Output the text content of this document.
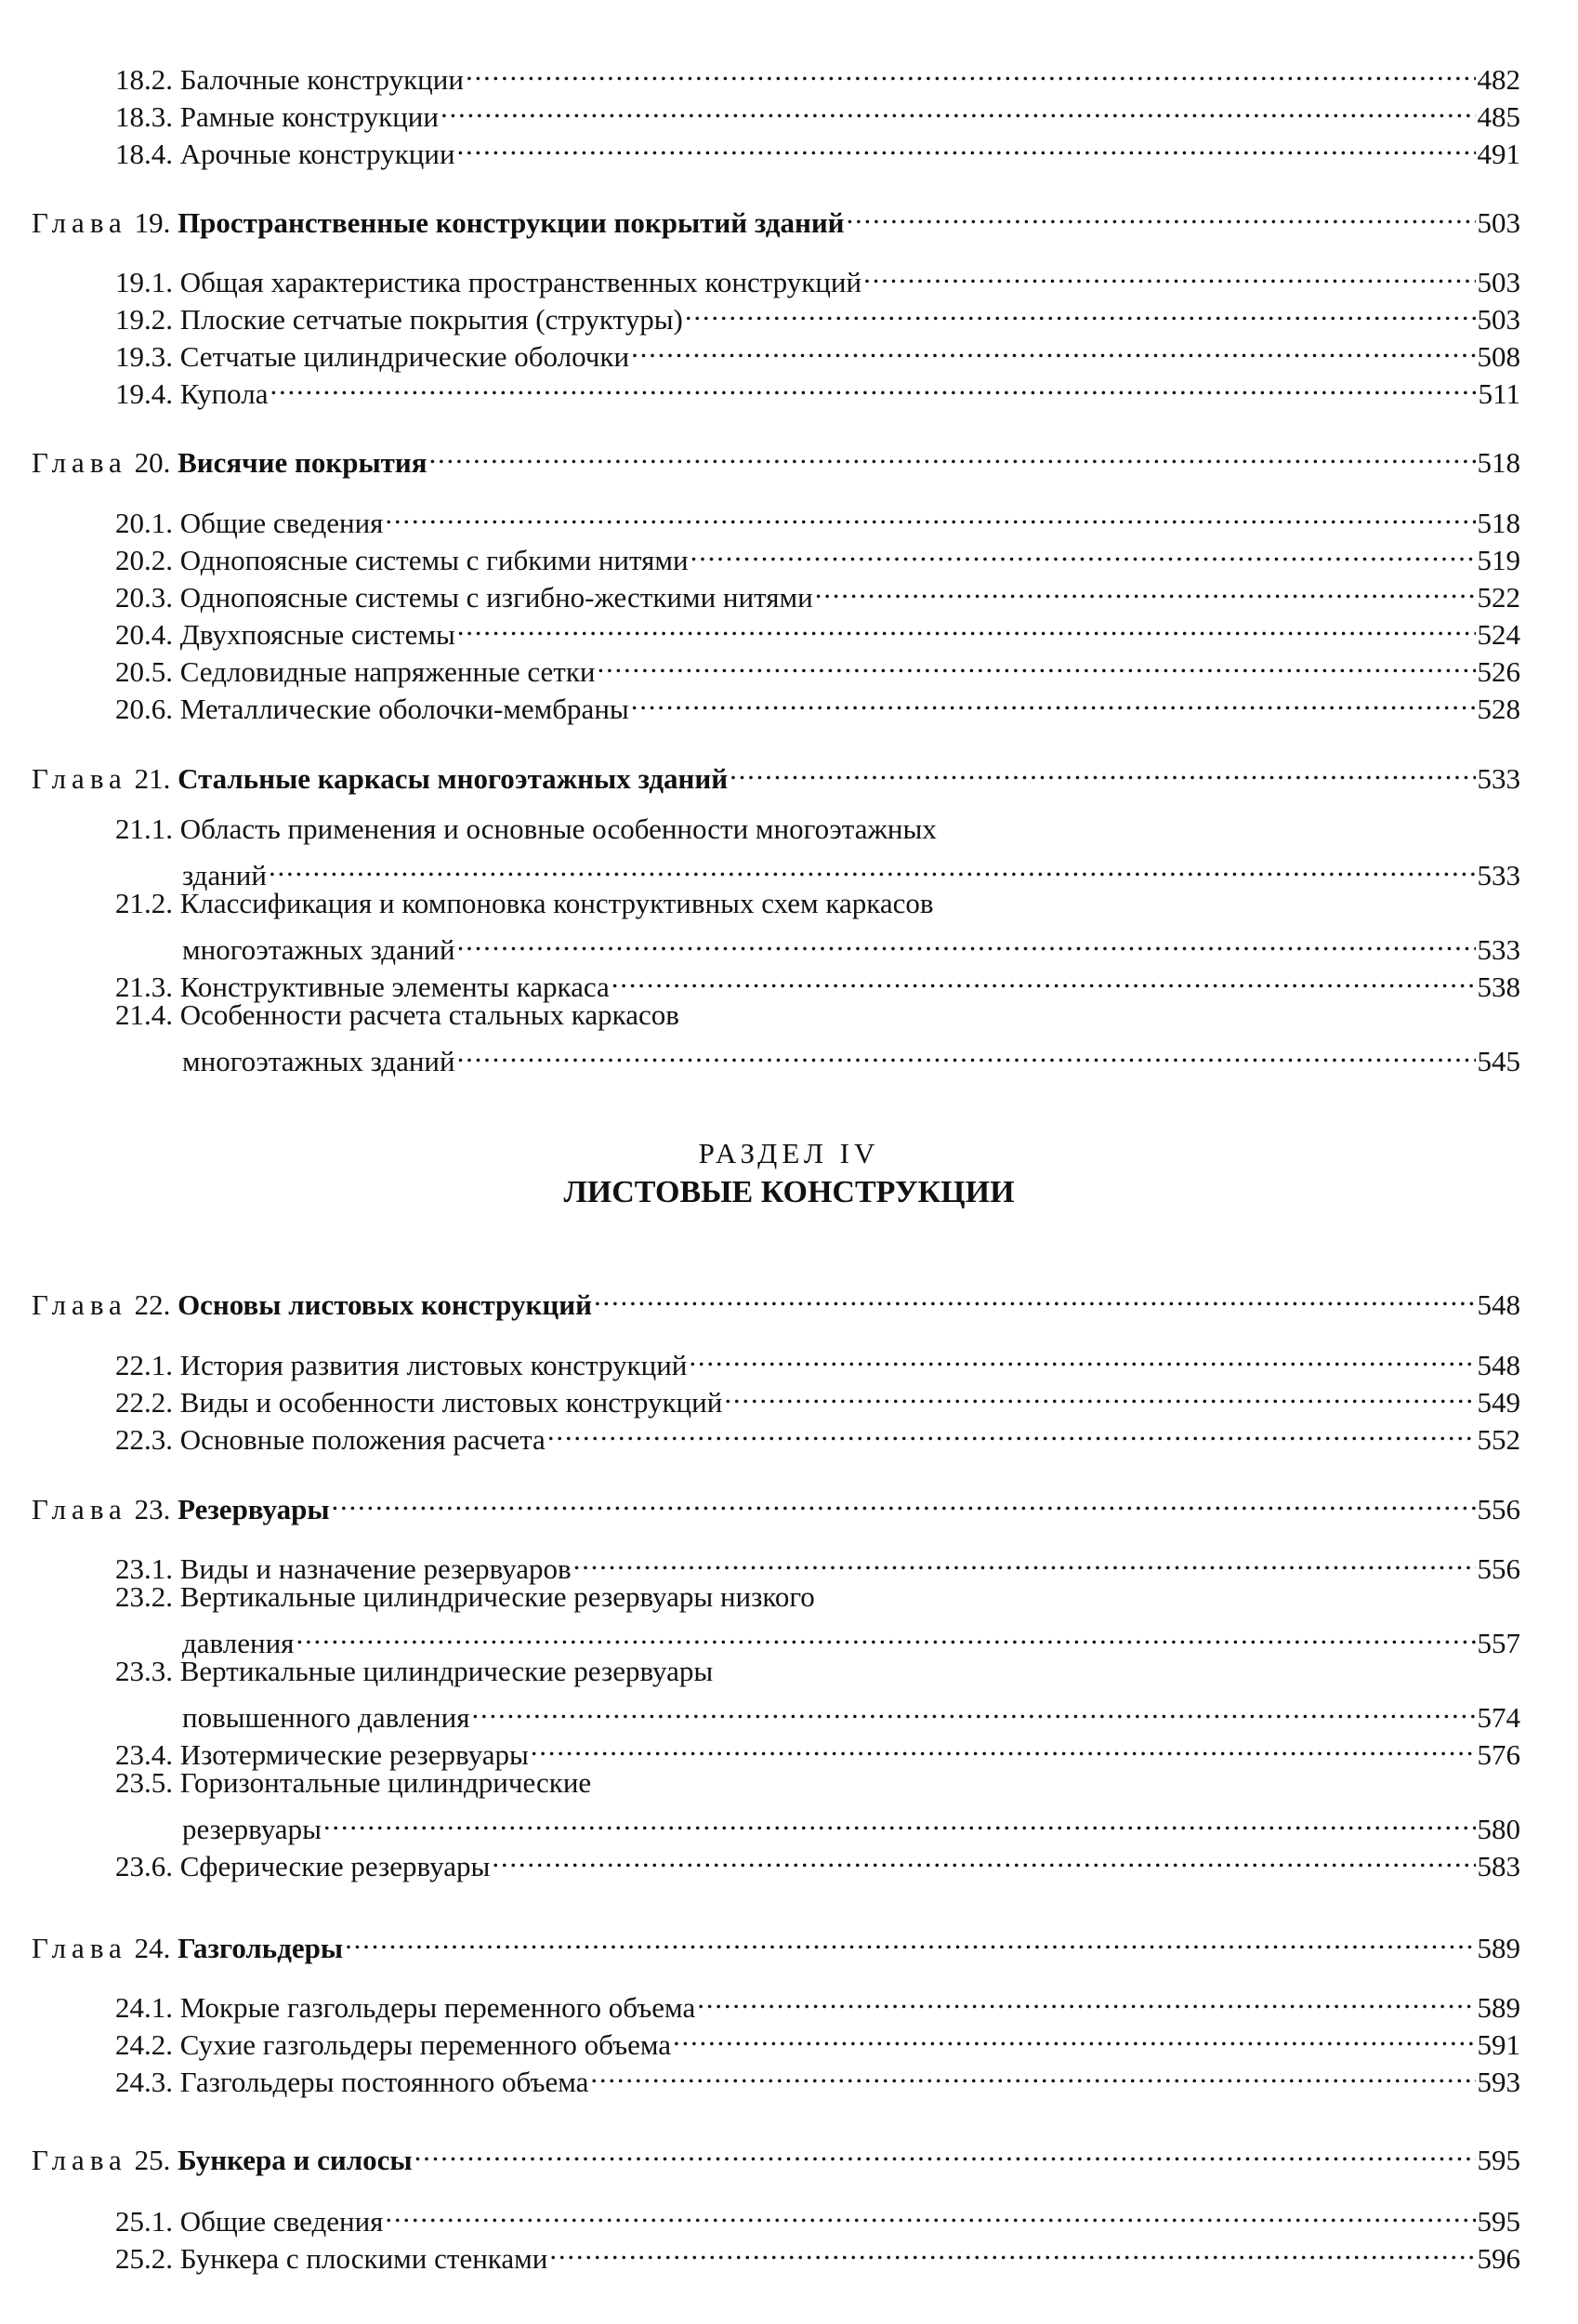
18.2. Балочные конструкции . . .	482
18.3. Рамные конструкции . . .	485
18.4. Арочные конструкции . . .	491
Глава 19. Пространственные конструкции покрытий зданий . . .	503
19.1. Общая характеристика пространственных конструкций . . .	503
19.2. Плоские сетчатые покрытия (структуры) . . .	503
19.3. Сетчатые цилиндрические оболочки . . .	508
19.4. Купола . . .	511
Глава 20. Висячие покрытия . . .	518
20.1. Общие сведения . . .	518
20.2. Однопоясные системы с гибкими нитями . . .	519
20.3. Однопоясные системы с изгибно-жесткими нитями . . .	522
20.4. Двухпоясные системы . . .	524
20.5. Седловидные напряженные сетки . . .	526
20.6. Металлические оболочки-мембраны . . .	528
Глава 21. Стальные каркасы многоэтажных зданий . . .	533
21.1. Область применения и основные особенности многоэтажных
зданий . . .	533
21.2. Классификация и компоновка конструктивных схем каркасов
многоэтажных зданий . . .	533
21.3. Конструктивные элементы каркаса . . .	538
21.4. Особенности расчета стальных каркасов
многоэтажных зданий . . .	545
РАЗДЕЛ IV
ЛИСТОВЫЕ КОНСТРУКЦИИ
Глава 22. Основы листовых конструкций . . .	548
22.1. История развития листовых конструкций . . .	548
22.2. Виды и особенности листовых конструкций . . .	549
22.3. Основные положения расчета . . .	552
Глава 23. Резервуары . . .	556
23.1. Виды и назначение резервуаров . . .	556
23.2. Вертикальные цилиндрические резервуары низкого
давления . . .	557
23.3. Вертикальные цилиндрические резервуары
повышенного давления . . .	574
23.4. Изотермические резервуары . . .	576
23.5. Горизонтальные цилиндрические
резервуары . . .	580
23.6. Сферические резервуары . . .	583
Глава 24. Газгольдеры . . .	589
24.1. Мокрые газгольдеры переменного объема . . .	589
24.2. Сухие газгольдеры переменного объема . . .	591
24.3. Газгольдеры постоянного объема . . .	593
Глава 25. Бункера и силосы . . .	595
25.1. Общие сведения . . .	595
25.2. Бункера с плоскими стенками . . .	596
